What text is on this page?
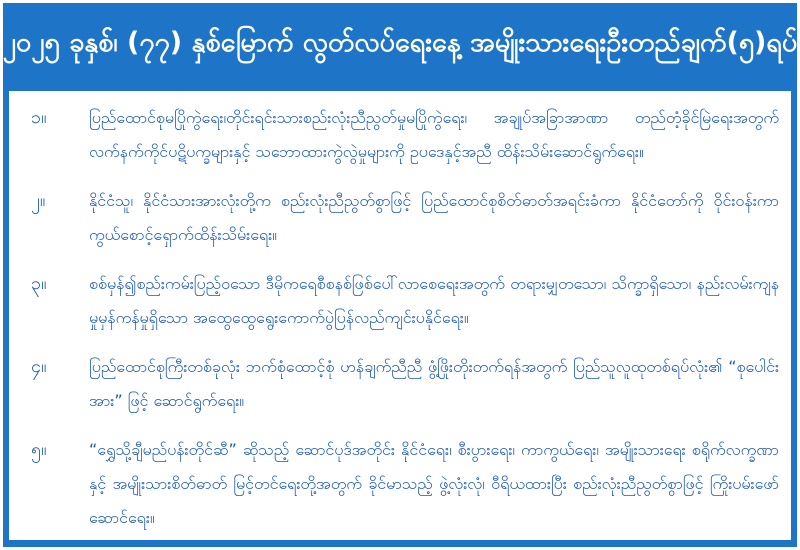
၂၀၂၅ ခုနှစ်၊ (၇၇) နှစ်မြောက် လွတ်လပ်ရေးနေ့ အမျိုးသားရေးဦးတည်ချက်(၅)ရပ်
၁။	ပြည်ထောင်စုမပြိုကွဲရေး၊တိုင်းရင်းသားစည်းလုံးညီညွတ်မှုမပြိုကွဲရေး၊ အချုပ်အခြာအာဏာ တည်တံ့ခိုင်မြဲရေးအတွက် လက်နက်ကိုင်ပဋိပက္ခများနှင့် သဘောထားကွဲလွဲမှုများကို ဥပဒေနှင့်အညီ ထိန်းသိမ်းဆောင်ရွက်ရေး။
၂။	နိုင်ငံသူ၊ နိုင်ငံသားအားလုံးတို့က စည်းလုံးညီညွတ်စွာဖြင့် ပြည်ထောင်စုစိတ်ဓာတ်အရင်းခံကာ နိုင်ငံတော်ကို ဝိုင်းဝန်းကာကွယ်စောင့်ရှောက်ထိန်းသိမ်းရေး။
၃။	စစ်မှန်၍စည်းကမ်းပြည့်ဝသော ဒီမိုကရေစီစနစ်ဖြစ်ပေါ်လာစေရေးအတွက် တရားမျှတသော၊ သိက္ခာရှိသော၊ နည်းလမ်းကျနမှုမှန်ကန်မှုရှိသော အထွေထွေရွေးကောက်ပွဲပြန်လည်ကျင်းပနိုင်ရေး။
၄။	ပြည်ထောင်စုကြီးတစ်ခုလုံး ဘက်စုံထောင့်စုံ ဟန်ချက်ညီညီ ဖွံ့ဖြိုးတိုးတက်ရန်အတွက် ပြည်သူလူထုတစ်ရပ်လုံး၏ “စုပေါင်းအား” ဖြင့် ဆောင်ရွက်ရေး။
၅။	“ရွှေသို့ချီမည်ပန်းတိုင်ဆီ” ဆိုသည့် ဆောင်ပုဒ်အတိုင်း နိုင်ငံရေး၊ စီးပွားရေး၊ ကာကွယ်ရေး၊ အမျိုးသားရေး စရိုက်လက္ခဏာနှင့် အမျိုးသားစိတ်ဓာတ် မြင့်တင်ရေးတို့အတွက် ခိုင်မာသည့် ဖွဲ့လုံးလုံ၊ ဝီရိယထားပြီး စည်းလုံးညီညွတ်စွာဖြင့် ကြိုးပမ်းဖော်ဆောင်ရေး။
